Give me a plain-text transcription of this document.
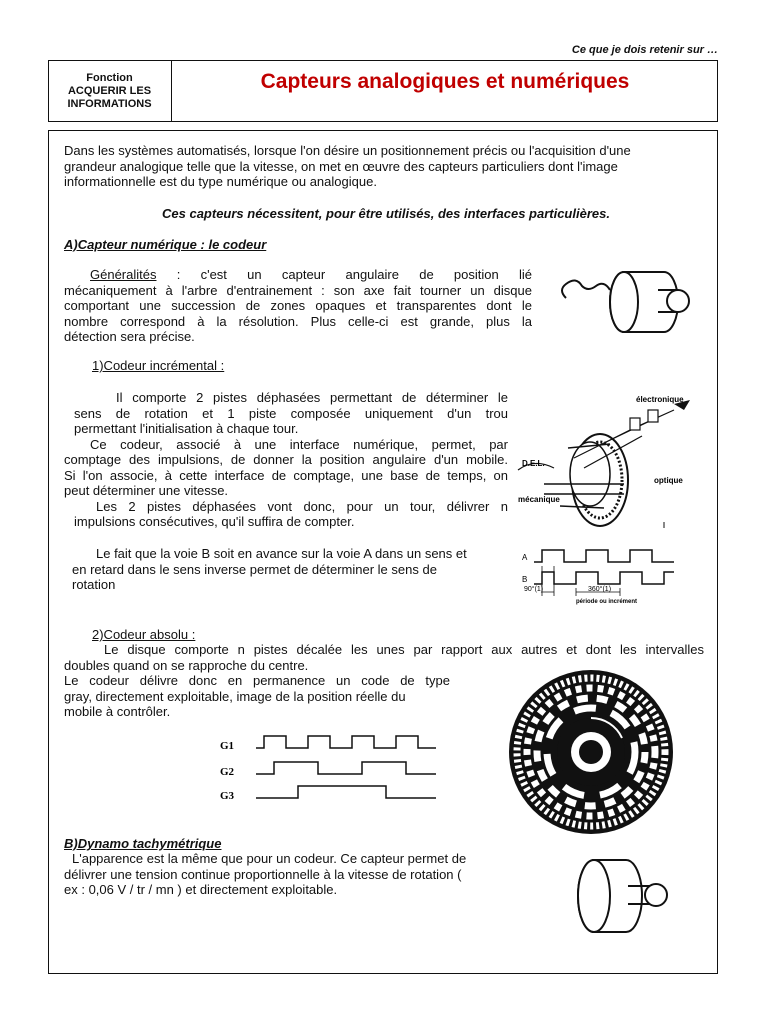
Ce que je dois retenir sur …
Fonction
ACQUERIR LES
INFORMATIONS
Capteurs analogiques et numériques
Dans les systèmes automatisés, lorsque l'on désire un positionnement précis ou l'acquisition d'une
grandeur analogique telle que la vitesse, on met en œuvre des capteurs particuliers dont l'image
informationnelle est du type numérique ou analogique.
Ces capteurs nécessitent, pour être utilisés, des interfaces particulières.
A)Capteur numérique : le codeur
Généralités : c'est un capteur angulaire de position lié
mécaniquement à l'arbre d'entrainement : son axe fait tourner un disque
comportant une succession de zones opaques et transparentes dont le
nombre correspond à la résolution. Plus celle-ci est grande, plus la
détection sera précise.
1)Codeur incrémental :
Il comporte 2 pistes déphasées permettant de déterminer le
sens de rotation et 1 piste composée uniquement d'un trou
permettant l'initialisation à chaque tour.
Ce codeur, associé à une interface numérique, permet, par
comptage des impulsions, de donner la position angulaire d'un mobile.
Si l'on associe, à cette interface de comptage, une base de temps, on
peut déterminer une vitesse.
Les 2 pistes déphasées vont donc, pour un tour, délivrer n
impulsions consécutives, qu'il suffira de compter.
électronique
optique
D.E.L.
mécanique
Le fait que la voie B soit en avance sur la voie A dans un sens et
en retard dans le sens inverse permet de déterminer le sens de
rotation
A
B
90°(1)	360°(1)
période ou incrément
2)Codeur absolu :
Le disque comporte n pistes décalée les unes par rapport aux autres et dont les intervalles
doubles quand on se rapproche du centre.
Le codeur délivre donc en permanence un code de type
gray, directement exploitable, image de la position réelle du
mobile à contrôler.
G1
G2
G3
B)Dynamo tachymétrique
L'apparence est la même que pour un codeur. Ce capteur permet de
délivrer une tension continue proportionnelle à la vitesse de rotation (
ex : 0,06 V / tr / mn ) et directement exploitable.
